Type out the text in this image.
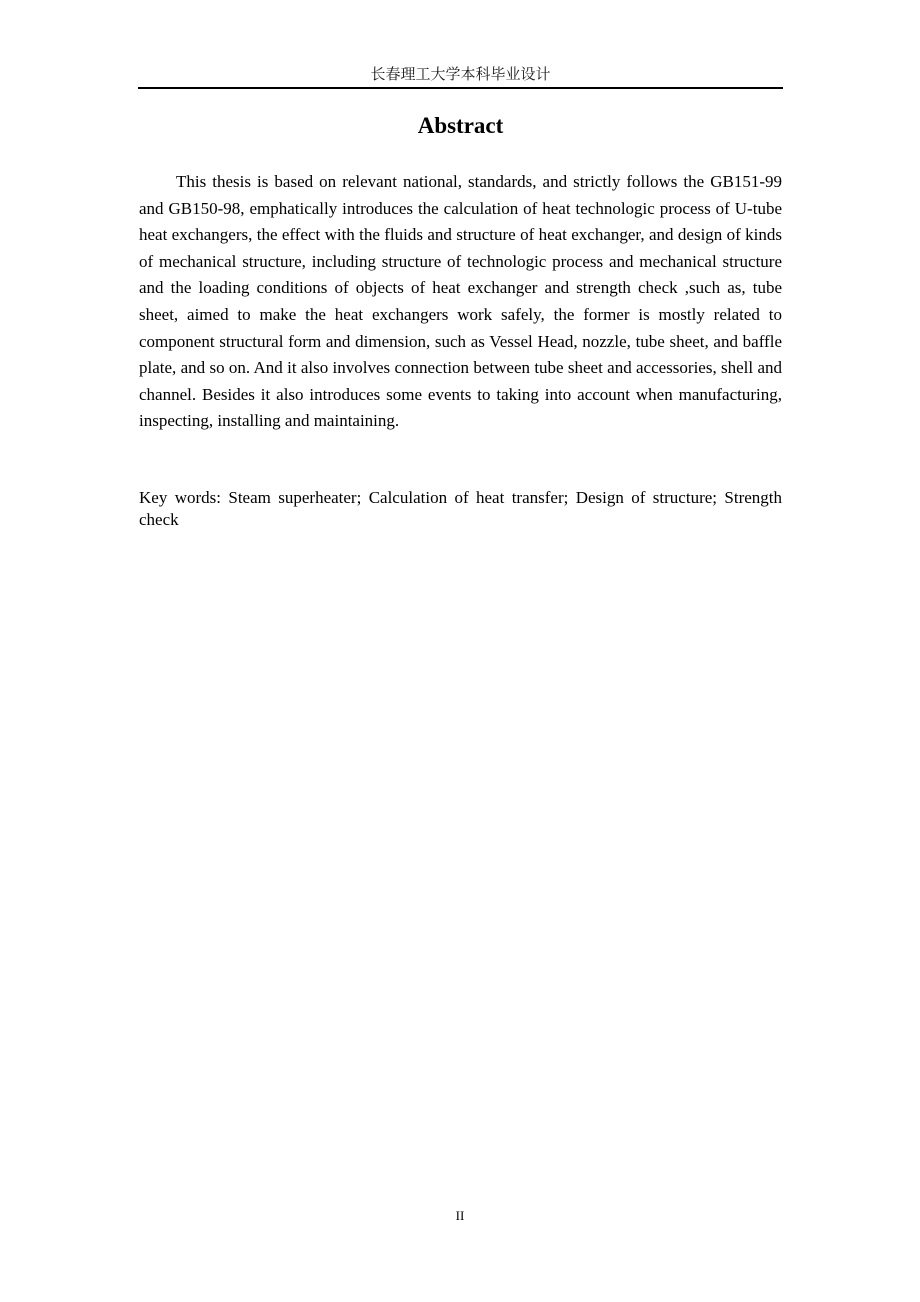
长春理工大学本科毕业设计
Abstract

This thesis is based on relevant national, standards, and strictly follows the GB151-99 and GB150-98, emphatically introduces the calculation of heat technologic process of U-tube heat exchangers, the effect with the fluids and structure of heat exchanger, and design of kinds of mechanical structure, including structure of technologic process and mechanical structure and the loading conditions of objects of heat exchanger and strength check ,such as, tube sheet, aimed to make the heat exchangers work safely, the former is mostly related to component structural form and dimension, such as Vessel Head, nozzle, tube sheet, and baffle plate, and so on. And it also involves connection between tube sheet and accessories, shell and channel. Besides it also introduces some events to taking into account when manufacturing, inspecting, installing and maintaining.

Key words: Steam superheater; Calculation of heat transfer; Design of structure; Strength check

II
